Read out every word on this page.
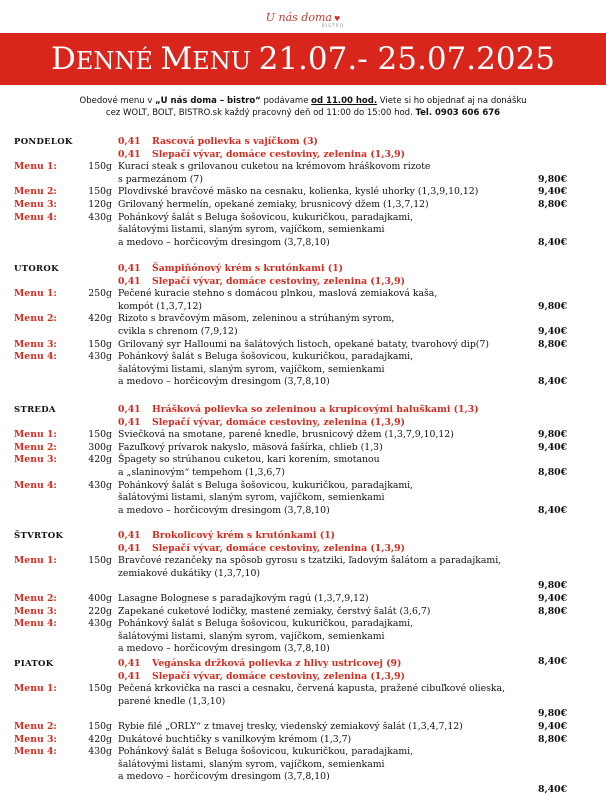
U nás doma ♥
BISTRO
DENNÉ MENU 21.07.- 25.07.2025
Obedové menu v „U nás doma – bistro“ podávame od 11.00 hod. Viete si ho objednať aj na donášku
cez WOLT, BOLT, BISTRO.sk každý pracovný deň od 11:00 do 15:00 hod. Tel. 0903 606 676
PONDELOK	0,41 Rascová polievka s vajíčkom (3)
0,41 Slepačí vývar, domáce cestoviny, zelenina (1,3,9)
Menu 1:	150g Kurací steak s grilovanou cuketou na krémovom hráškovom rizote
s parmezánom (7)	9,80€
Menu 2:	150g Plovdivské bravčové mäsko na cesnaku, kolienka, kyslé uhorky (1,3,9,10,12)	9,40€
Menu 3:	120g Grilovaný hermelín, opekané zemiaky, brusnicový džem (1,3,7,12)	8,80€
Menu 4:	430g Pohánkový šalát s Beluga šošovicou, kukuričkou, paradajkami,
šalátovými listami, slaným syrom, vajíčkom, semienkami
a medovo – horčicovým dresingom (3,7,8,10)	8,40€
UTOROK	0,41 Šampiňónový krém s krutónkami (1)
0,41 Slepačí vývar, domáce cestoviny, zelenina (1,3,9)
Menu 1:	250g Pečené kuracie stehno s domácou plnkou, maslová zemiaková kaša,
kompót (1,3,7,12)	9,80€
Menu 2:	420g Rizoto s bravčovým mäsom, zeleninou a strúhaným syrom,
cvikla s chrenom (7,9,12)	9,40€
Menu 3:	150g Grilovaný syr Halloumi na šalátových listoch, opekané bataty, tvarohový dip(7)	8,80€
Menu 4:	430g Pohánkový šalát s Beluga šošovicou, kukuričkou, paradajkami,
šalátovými listami, slaným syrom, vajíčkom, semienkami
a medovo – horčicovým dresingom (3,7,8,10)	8,40€
STREDA	0,41 Hrášková polievka so zeleninou a krupicovými haluškami (1,3)
0,41 Slepačí vývar, domáce cestoviny, zelenina (1,3,9)
Menu 1:	150g Sviečková na smotane, parené knedle, brusnicový džem (1,3,7,9,10,12)	9,80€
Menu 2:	300g Fazuľkový prívarok nakyslo, mäsová fašírka, chlieb (1,3)	9,40€
Menu 3:	420g Špagety so strúhanou cuketou, kari korením, smotanou
a „slaninovým“ tempehom (1,3,6,7)	8,80€
Menu 4:	430g Pohánkový šalát s Beluga šošovicou, kukuričkou, paradajkami,
šalátovými listami, slaným syrom, vajíčkom, semienkami
a medovo – horčicovým dresingom (3,7,8,10)	8,40€
ŠTVRTOK	0,41 Brokolicový krém s krutónkami (1)
0,41 Slepačí vývar, domáce cestoviny, zelenina (1,3,9)
Menu 1:	150g Bravčové rezančeky na spôsob gyrosu s tzatziki, ľadovým šalátom a paradajkami,
zemiakové dukátiky (1,3,7,10)
9,80€
Menu 2:	400g Lasagne Bolognese s paradajkovým ragú (1,3,7,9,12)	9,40€
Menu 3:	220g Zapekané cuketové lodičky, mastené zemiaky, čerstvý šalát (3,6,7)	8,80€
Menu 4:	430g Pohánkový šalát s Beluga šošovicou, kukuričkou, paradajkami,
šalátovými listami, slaným syrom, vajíčkom, semienkami
a medovo – horčicovým dresingom (3,7,8,10)
8,40€
PIATOK	0,41 Vegánska držková polievka z hlivy ustricovej (9)
0,41 Slepačí vývar, domáce cestoviny, zelenina (1,3,9)
Menu 1:	150g Pečená krkovička na rasci a cesnaku, červená kapusta, pražené cibuľkové olieska,
parené knedle (1,3,10)
9,80€
Menu 2:	150g Rybie filé „ORLY“ z tmavej tresky, viedenský zemiakový šalát (1,3,4,7,12)	9,40€
Menu 3:	420g Dukátové buchtičky s vanilkovým krémom (1,3,7)	8,80€
Menu 4:	430g Pohánkový šalát s Beluga šošovicou, kukuričkou, paradajkami,
šalátovými listami, slaným syrom, vajíčkom, semienkami
a medovo – horčicovým dresingom (3,7,8,10)
8,40€
